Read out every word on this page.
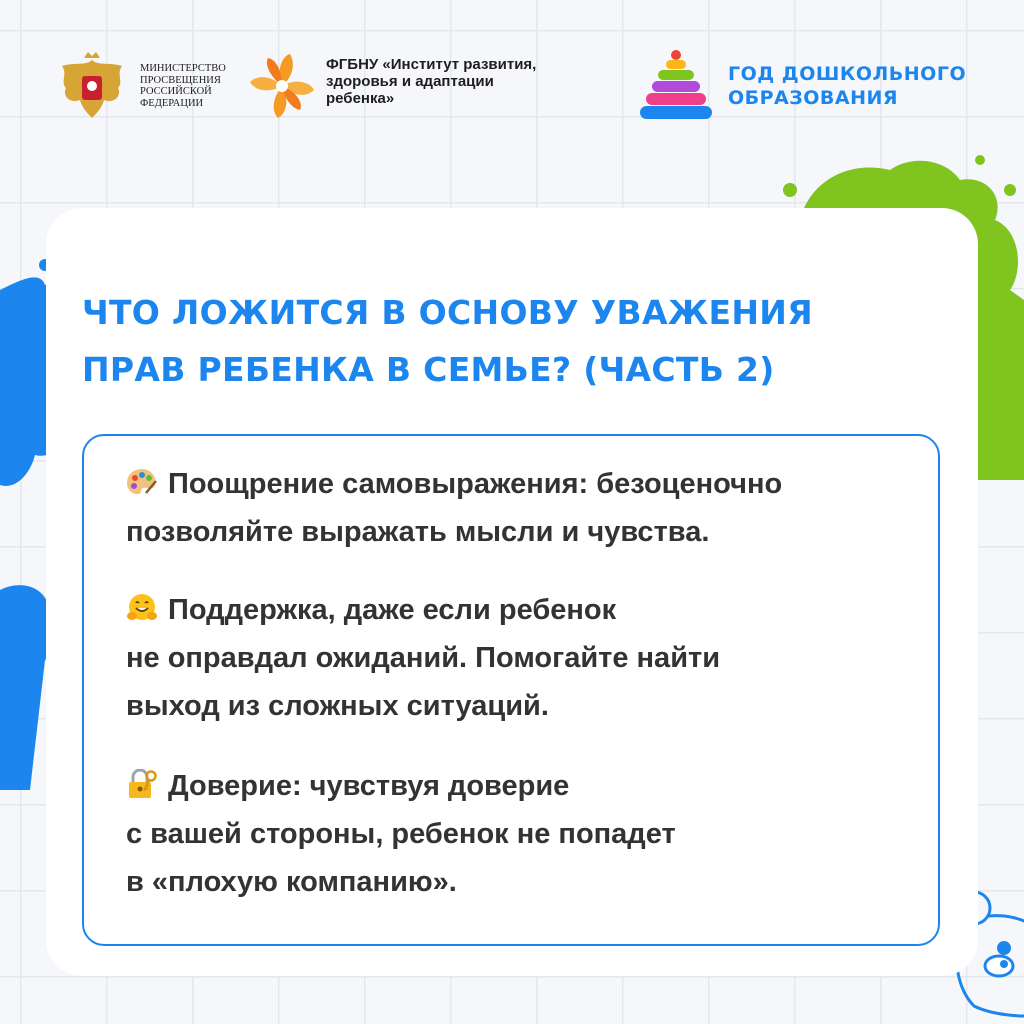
МИНИСТЕРСТВО
ПРОСВЕЩЕНИЯ
РОССИЙСКОЙ
ФЕДЕРАЦИИ
ФГБНУ «Институт развития,
здоровья и адаптации
ребенка»
ГОД ДОШКОЛЬНОГО
ОБРАЗОВАНИЯ
ЧТО ЛОЖИТСЯ В ОСНОВУ УВАЖЕНИЯ
ПРАВ РЕБЕНКА В СЕМЬЕ? (ЧАСТЬ 2)
Поощрение самовыражения: безоценочно
позволяйте выражать мысли и чувства.
Поддержка, даже если ребенок
не оправдал ожиданий. Помогайте найти
выход из сложных ситуаций.
Доверие: чувствуя доверие
с вашей стороны, ребенок не попадет
в «плохую компанию».
